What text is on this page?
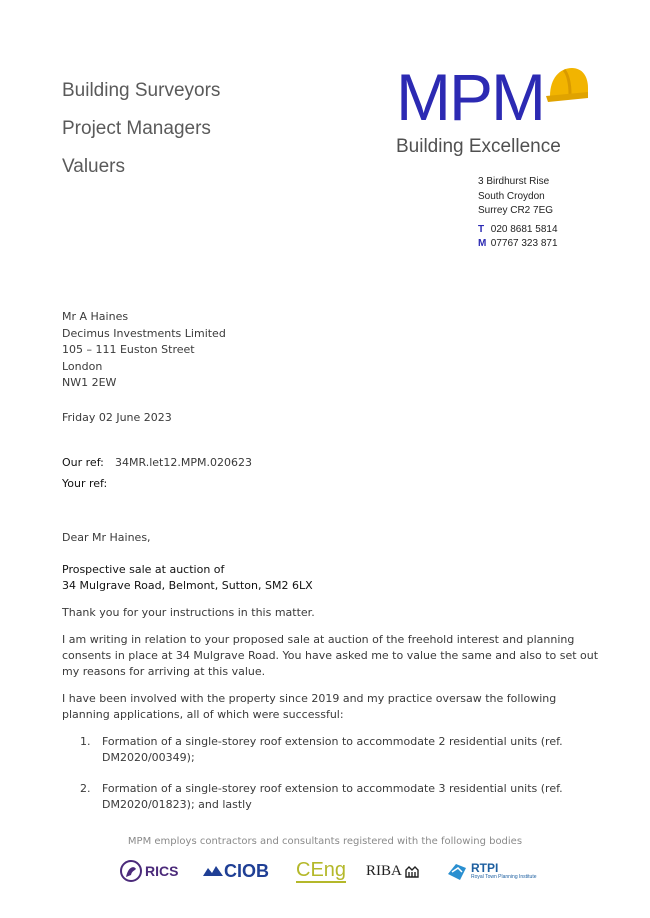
Building Surveyors
Project Managers
Valuers
MPM
Building Excellence
3 Birdhurst Rise
South Croydon
Surrey CR2 7EG
T 020 8681 5814
M 07767 323 871
Mr A Haines
Decimus Investments Limited
105 – 111 Euston Street
London
NW1 2EW
Friday 02 June 2023
Our ref: 34MR.let12.MPM.020623
Your ref:

Dear Mr Haines,

Prospective sale at auction of

34 Mulgrave Road, Belmont, Sutton, SM2 6LX

Thank you for your instructions in this matter.

I am writing in relation to your proposed sale at auction of the freehold interest and planning consents in place at 34 Mulgrave Road. You have asked me to value the same and also to set out my reasons for arriving at this value.

I have been involved with the property since 2019 and my practice oversaw the following planning applications, all of which were successful:

1. Formation of a single-storey roof extension to accommodate 2 residential units (ref. DM2020/00349);
2. Formation of a single-storey roof extension to accommodate 3 residential units (ref. DM2020/01823); and lastly
MPM employs contractors and consultants registered with the following bodies
RICS	CIOB CEng RIBA	RTPI
Royal Town Planning Institute
